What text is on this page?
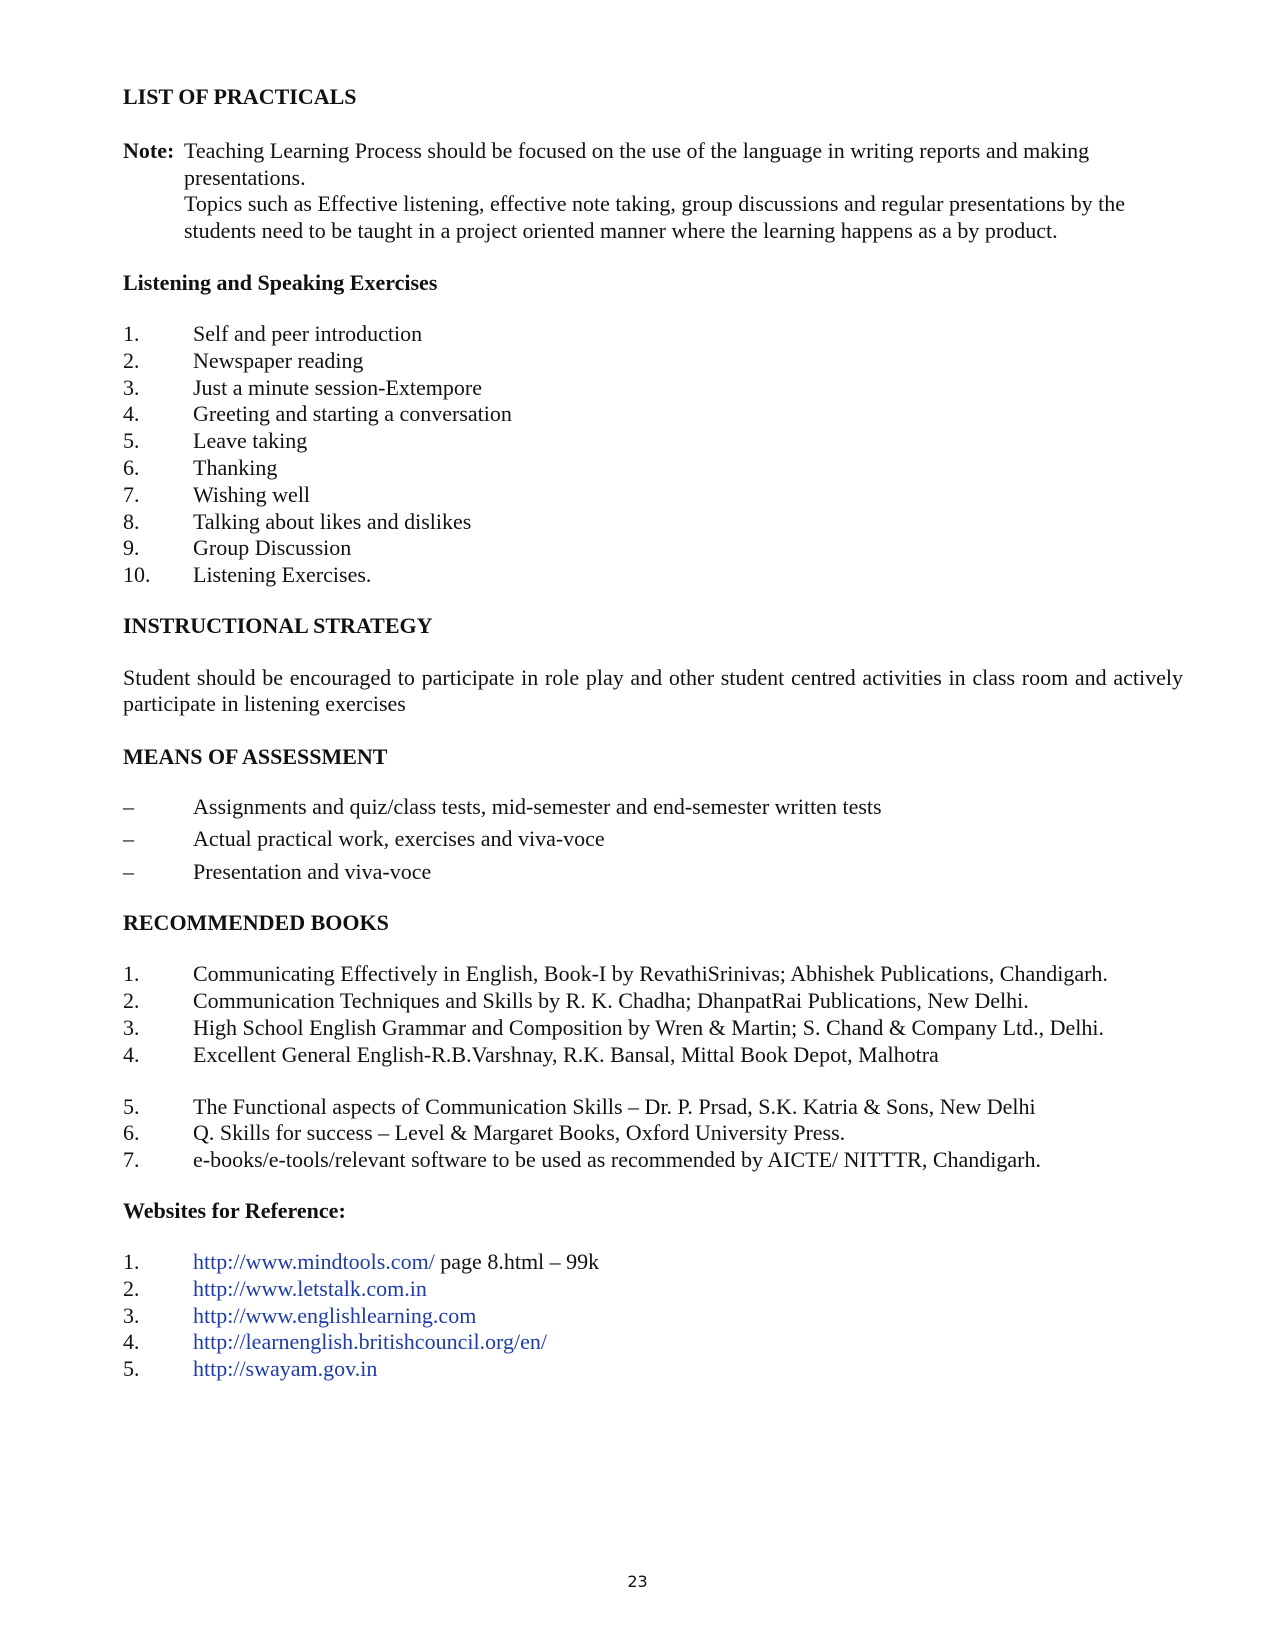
LIST OF PRACTICALS
Note: Teaching Learning Process should be focused on the use of the language in writing reports and making presentations.
Topics such as Effective listening, effective note taking, group discussions and regular presentations by the students need to be taught in a project oriented manner where the learning happens as a by product.
Listening and Speaking Exercises
1.	Self and peer introduction
2.	Newspaper reading
3.	Just a minute session-Extempore
4.	Greeting and starting a conversation
5.	Leave taking
6.	Thanking
7.	Wishing well
8.	Talking about likes and dislikes
9.	Group Discussion
10.	Listening Exercises.
INSTRUCTIONAL STRATEGY

Student should be encouraged to participate in role play and other student centred activities in class room and actively participate in listening exercises

MEANS OF ASSESSMENT
–	Assignments and quiz/class tests, mid-semester and end-semester written tests
–	Actual practical work, exercises and viva-voce
–	Presentation and viva-voce
RECOMMENDED BOOKS
1.	Communicating Effectively in English, Book-I by RevathiSrinivas; Abhishek Publications, Chandigarh.
2.	Communication Techniques and Skills by R. K. Chadha; DhanpatRai Publications, New Delhi.
3.	High School English Grammar and Composition by Wren & Martin; S. Chand & Company Ltd., Delhi.
4.	Excellent General English-R.B.Varshnay, R.K. Bansal, Mittal Book Depot, Malhotra
5.	The Functional aspects of Communication Skills – Dr. P. Prsad, S.K. Katria & Sons, New Delhi
6.	Q. Skills for success – Level & Margaret Books, Oxford University Press.
7.	e-books/e-tools/relevant software to be used as recommended by AICTE/ NITTTR, Chandigarh.
Websites for Reference:
1.	http://www.mindtools.com/ page 8.html – 99k
2.	http://www.letstalk.com.in
3.	http://www.englishlearning.com
4.	http://learnenglish.britishcouncil.org/en/
5.	http://swayam.gov.in
23
